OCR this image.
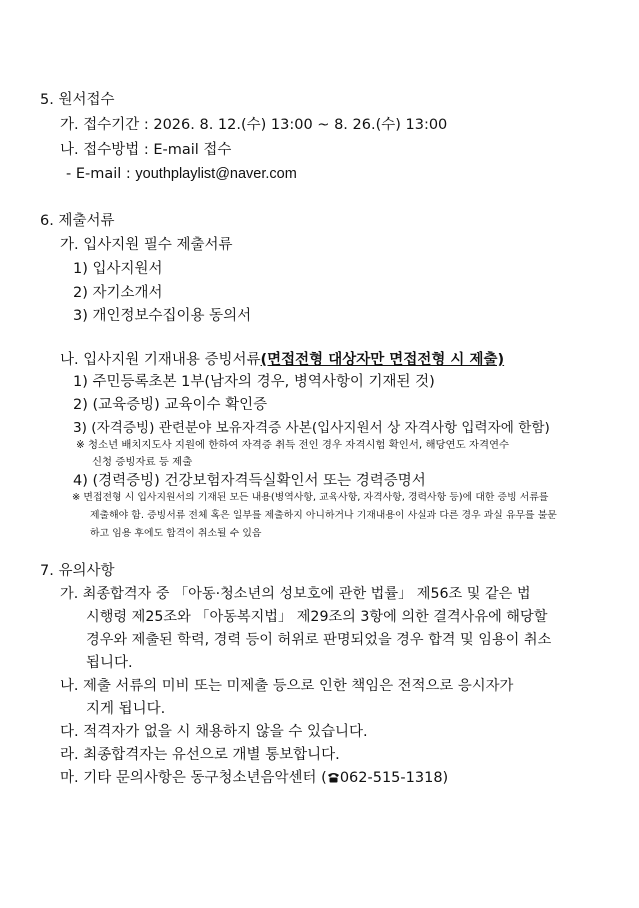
5. 원서접수
가. 접수기간 : 2026. 8. 12.(수) 13:00 ~ 8. 26.(수) 13:00
나. 접수방법 : E-mail 접수
- E-mail : youthplaylist@naver.com
6. 제출서류
가. 입사지원 필수 제출서류
1) 입사지원서
2) 자기소개서
3) 개인정보수집이용 동의서
나. 입사지원 기재내용 증빙서류(면접전형 대상자만 면접전형 시 제출)
1) 주민등록초본 1부(남자의 경우, 병역사항이 기재된 것)
2) (교육증빙) 교육이수 확인증
3) (자격증빙) 관련분야 보유자격증 사본(입사지원서 상 자격사항 입력자에 한함)
※ 청소년 배치지도사 지원에 한하여 자격증 취득 전인 경우 자격시험 확인서, 해당연도 자격연수
신청 증빙자료 등 제출
4) (경력증빙) 건강보험자격득실확인서 또는 경력증명서
※ 면접전형 시 입사지원서의 기재된 모든 내용(병역사항, 교육사항, 자격사항, 경력사항 등)에 대한 증빙 서류를
제출해야 함. 증빙서류 전체 혹은 일부를 제출하지 아니하거나 기재내용이 사실과 다른 경우 과실 유무를 불문
하고 임용 후에도 합격이 취소될 수 있음
7. 유의사항
가. 최종합격자 중 「아동·청소년의 성보호에 관한 법률」 제56조 및 같은 법
시행령 제25조와 「아동복지법」 제29조의 3항에 의한 결격사유에 해당할
경우와 제출된 학력, 경력 등이 허위로 판명되었을 경우 합격 및 임용이 취소
됩니다.
나. 제출 서류의 미비 또는 미제출 등으로 인한 책임은 전적으로 응시자가
지게 됩니다.
다. 적격자가 없을 시 채용하지 않을 수 있습니다.
라. 최종합격자는 유선으로 개별 통보합니다.
마. 기타 문의사항은 동구청소년음악센터 ( 062-515-1318)
